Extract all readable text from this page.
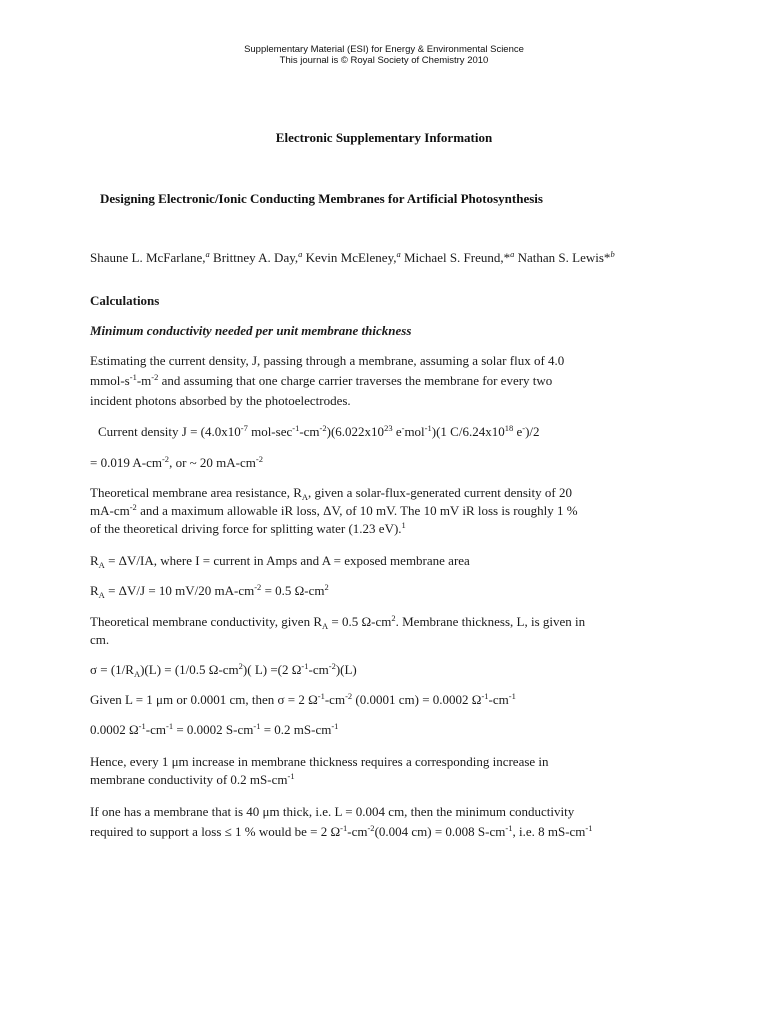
Supplementary Material (ESI) for Energy & Environmental Science
This journal is © Royal Society of Chemistry 2010
Electronic Supplementary Information
Designing Electronic/Ionic Conducting Membranes for Artificial Photosynthesis
Shaune L. McFarlane,$^a$ Brittney A. Day,$^a$ Kevin McEleney,$^a$ Michael S. Freund,*$^a$ Nathan S. Lewis*$^b$
Calculations
Minimum conductivity needed per unit membrane thickness
Estimating the current density, J, passing through a membrane, assuming a solar flux of 4.0
mmol-$s^{-1}-m^{-2}$ and assuming that one charge carrier traverses the membrane for every two
incident photons absorbed by the photoelectrodes.
Current density $J = (4.0x10^{-7}$ mol-$\sec^{-1}-cm^{-2})(6.022x10^{23}$ e-mol$^{-1}$)(1 $C/6.24x10^{18}$ e-)/2
= 0.019 $A-cm^{-2}$, or ~ 20 $mA-cm^{-2}$
Theoretical membrane area resistance, $R_A$, given a solar-flux-generated current density of 20
$mA-cm^{-2}$ and a maximum allowable iR loss, ΔV, of 10 mV. The 10 mV iR loss is roughly 1 %
of the theoretical driving force for splitting water (1.23 eV).$^1$
$R_A = \Delta V/IA$, where I = current in Amps and A = exposed membrane area
$R_A = \Delta V/J = 10$ mV/20 $mA-cm^{-2} = 0.5$ $\Omega-cm^2$
Theoretical membrane conductivity, given $R_A = 0.5$ $\Omega-cm^2$. Membrane thickness, L, is given in
cm.
$\sigma = (1/R_A)(L) = (1/0.5$ $\Omega-cm^2$)( L) =(2 $\Omega^{-1}-cm^{-2})(L)$
Given L = 1 μm or 0.0001 cm, then σ = 2 $\Omega^{-1}-cm^{-2}$ (0.0001 cm) = 0.0002 $\Omega^{-1}-cm^{-1}$
0.0002 $\Omega^{-1}-cm^{-1} = 0.0002$ $S-cm^{-1} = 0.2$ $mS-cm^{-1}$
Hence, every 1 μm increase in membrane thickness requires a corresponding increase in
membrane conductivity of 0.2 $mS-cm^{-1}$
If one has a membrane that is 40 μm thick, i.e. L = 0.004 cm, then the minimum conductivity
required to support a loss ≤ 1 % would be = 2 $\Omega^{-1}-cm^{-2}(0.004$ cm) = 0.008 $S-cm^{-1}$, i.e. 8 $mS-cm^{-1}$
